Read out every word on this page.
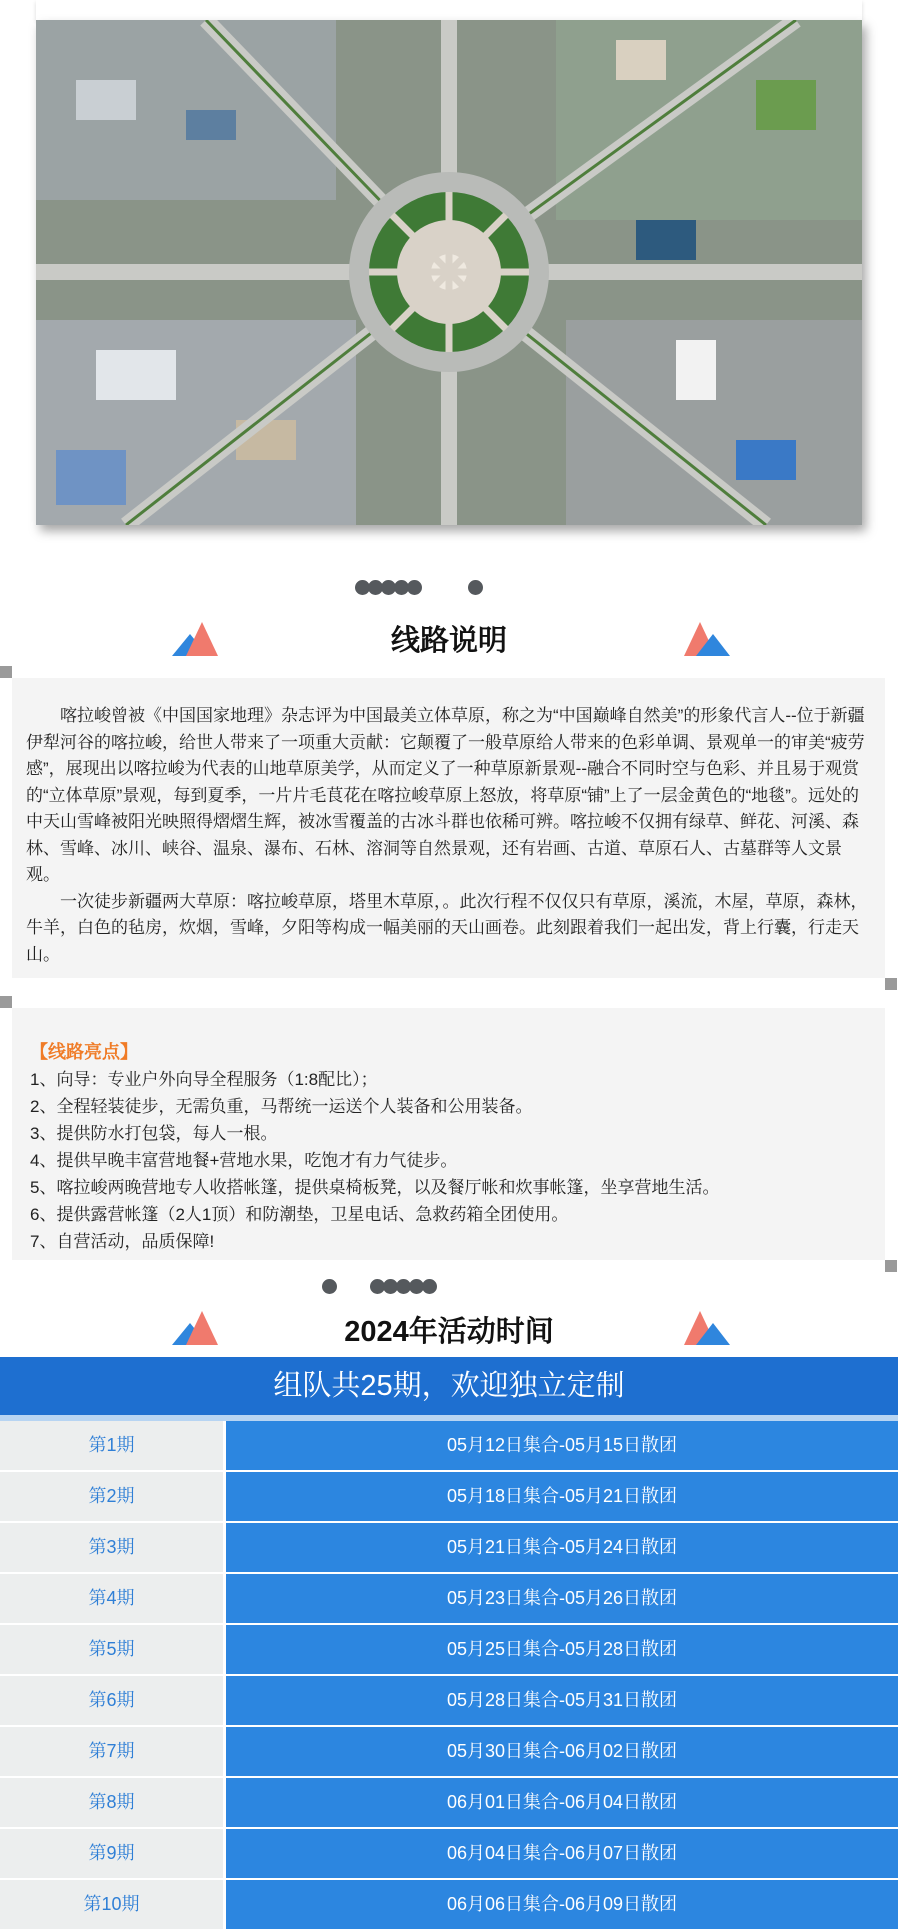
线路说明

喀拉峻曾被《中国国家地理》杂志评为中国最美立体草原，称之为“中国巅峰自然美”的形象代言人--位于新疆伊犁河谷的喀拉峻，给世人带来了一项重大贡献：它颠覆了一般草原给人带来的色彩单调、景观单一的审美“疲劳感”，展现出以喀拉峻为代表的山地草原美学，从而定义了一种草原新景观--融合不同时空与色彩、并且易于观赏的“立体草原”景观，每到夏季，一片片毛茛花在喀拉峻草原上怒放，将草原“铺”上了一层金黄色的“地毯”。远处的中天山雪峰被阳光映照得熠熠生辉，被冰雪覆盖的古冰斗群也依稀可辨。喀拉峻不仅拥有绿草、鲜花、河溪、森林、雪峰、冰川、峡谷、温泉、瀑布、石林、溶洞等自然景观，还有岩画、古道、草原石人、古墓群等人文景观。

一次徒步新疆两大草原：喀拉峻草原，塔里木草原，。此次行程不仅仅只有草原，溪流，木屋，草原，森林，牛羊，白色的毡房，炊烟，雪峰，夕阳等构成一幅美丽的天山画卷。此刻跟着我们一起出发，背上行囊，行走天山。

【线路亮点】
1、向导：专业户外向导全程服务（1:8配比）；
2、全程轻装徒步，无需负重，马帮统一运送个人装备和公用装备。
3、提供防水打包袋，每人一根。
4、提供早晚丰富营地餐+营地水果，吃饱才有力气徒步。
5、喀拉峻两晚营地专人收搭帐篷，提供桌椅板凳，以及餐厅帐和炊事帐篷，坐享营地生活。
6、提供露营帐篷（2人1顶）和防潮垫，卫星电话、急救药箱全团使用。
7、自营活动，品质保障!
2024年活动时间
组队共25期，欢迎独立定制
第1期	05月12日集合-05月15日散团
第2期	05月18日集合-05月21日散团
第3期	05月21日集合-05月24日散团
第4期	05月23日集合-05月26日散团
第5期	05月25日集合-05月28日散团
第6期	05月28日集合-05月31日散团
第7期	05月30日集合-06月02日散团
第8期	06月01日集合-06月04日散团
第9期	06月04日集合-06月07日散团
第10期	06月06日集合-06月09日散团
